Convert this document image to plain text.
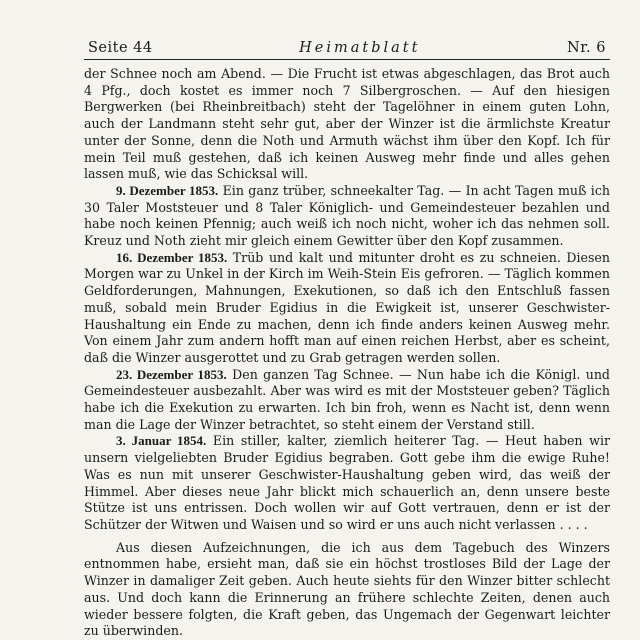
Seite 44	Heimatblatt	Nr. 6

der Schnee noch am Abend. — Die Frucht ist etwas abgeschlagen, das Brot auch 4 Pfg., doch kostet es immer noch 7 Silbergroschen. — Auf den hiesigen Bergwerken (bei Rheinbreitbach) steht der Tagelöhner in einem guten Lohn, auch der Landmann steht sehr gut, aber der Winzer ist die ärmlichste Kreatur unter der Sonne, denn die Noth und Armuth wächst ihm über den Kopf. Ich für mein Teil muß gestehen, daß ich keinen Ausweg mehr finde und alles gehen lassen muß, wie das Schicksal will.

9. Dezember 1853. Ein ganz trüber, schneekalter Tag. — In acht Tagen muß ich 30 Taler Moststeuer und 8 Taler Königlich- und Gemeindesteuer bezahlen und habe noch keinen Pfennig; auch weiß ich noch nicht, woher ich das nehmen soll. Kreuz und Noth zieht mir gleich einem Gewitter über den Kopf zusammen.

16. Dezember 1853. Trüb und kalt und mitunter droht es zu schneien. Diesen Morgen war zu Unkel in der Kirch im Weih-Stein Eis gefroren. — Täglich kommen Geldforderungen, Mahnungen, Exekutionen, so daß ich den Entschluß fassen muß, sobald mein Bruder Egidius in die Ewigkeit ist, unserer Geschwister-Haushaltung ein Ende zu machen, denn ich finde anders keinen Ausweg mehr. Von einem Jahr zum andern hofft man auf einen reichen Herbst, aber es scheint, daß die Winzer ausgerottet und zu Grab getragen werden sollen.

23. Dezember 1853. Den ganzen Tag Schnee. — Nun habe ich die Königl. und Gemeindesteuer ausbezahlt. Aber was wird es mit der Moststeuer geben? Täglich habe ich die Exekution zu erwarten. Ich bin froh, wenn es Nacht ist, denn wenn man die Lage der Winzer betrachtet, so steht einem der Verstand still.

3. Januar 1854. Ein stiller, kalter, ziemlich heiterer Tag. — Heut haben wir unsern vielgeliebten Bruder Egidius begraben. Gott gebe ihm die ewige Ruhe! Was es nun mit unserer Geschwister-Haushaltung geben wird, das weiß der Himmel. Aber dieses neue Jahr blickt mich schauerlich an, denn unsere beste Stütze ist uns entrissen. Doch wollen wir auf Gott vertrauen, denn er ist der Schützer der Witwen und Waisen und so wird er uns auch nicht verlassen . . . .

Aus diesen Aufzeichnungen, die ich aus dem Tagebuch des Winzers entnommen habe, ersieht man, daß sie ein höchst trostloses Bild der Lage der Winzer in damaliger Zeit geben. Auch heute siehts für den Winzer bitter schlecht aus. Und doch kann die Erinnerung an frühere schlechte Zeiten, denen auch wieder bessere folgten, die Kraft geben, das Ungemach der Gegenwart leichter zu überwinden.
